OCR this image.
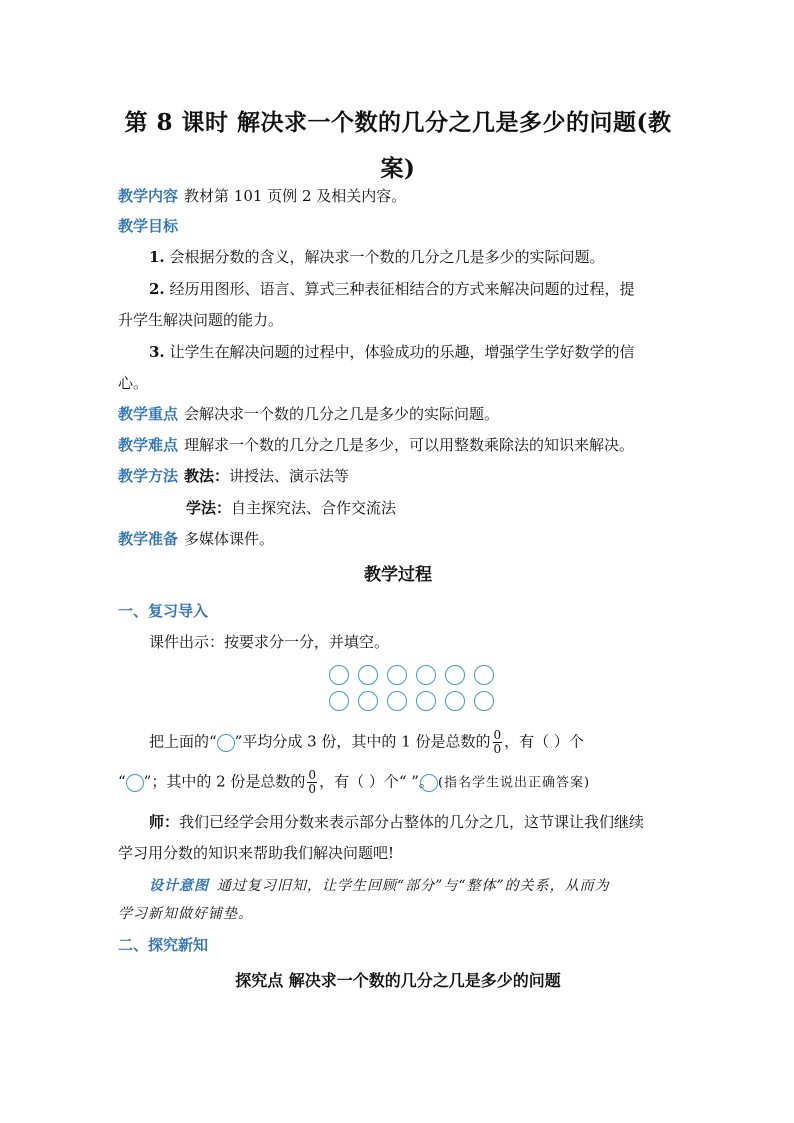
第 8 课时 解决求一个数的几分之几是多少的问题(教
案)
教学内容 教材第 101 页例 2 及相关内容。
教学目标
1. 会根据分数的含义，解决求一个数的几分之几是多少的实际问题。
2. 经历用图形、语言、算式三种表征相结合的方式来解决问题的过程，提
升学生解决问题的能力。
3. 让学生在解决问题的过程中，体验成功的乐趣，增强学生学好数学的信
心。
教学重点 会解决求一个数的几分之几是多少的实际问题。
教学难点 理解求一个数的几分之几是多少，可以用整数乘除法的知识来解决。
教学方法 教法：讲授法、演示法等
学法：自主探究法、合作交流法
教学准备 多媒体课件。
教学过程
一、复习导入
课件出示：按要求分一分，并填空。
把上面的“ ”平均分成 3 份，其中的 1 份是总数的 $\frac{0}{0}$ ，有（ ）个
“ ”；其中的 2 份是总数的 $\frac{0}{0}$ ，有（ ）个“ ”。 (指名学生说出正确答案)
师：我们已经学会用分数来表示部分占整体的几分之几，这节课让我们继续
学习用分数的知识来帮助我们解决问题吧!
设计意图 通过复习旧知，让学生回顾“部分”与“整体”的关系，从而为
学习新知做好铺垫。
二、探究新知
探究点 解决求一个数的几分之几是多少的问题
